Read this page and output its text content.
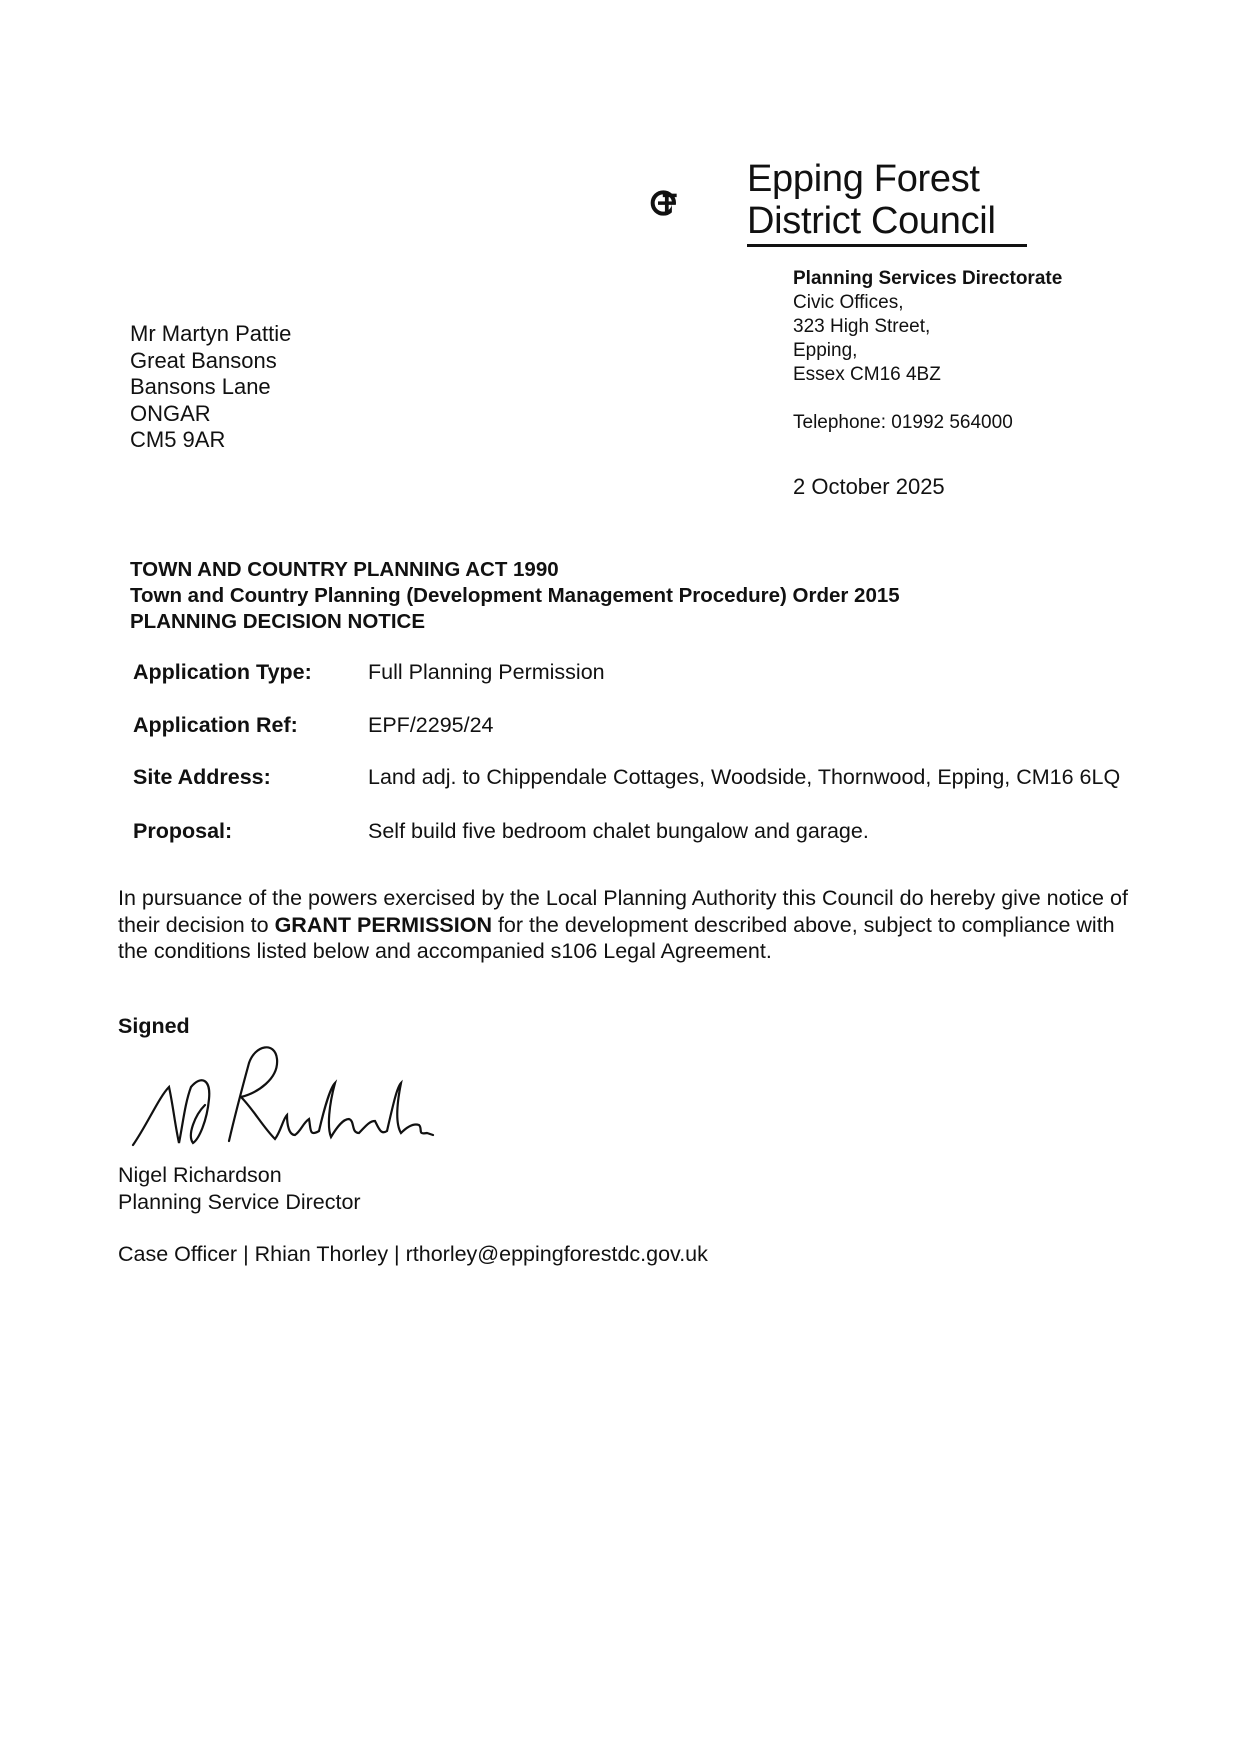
Epping Forest
District Council
Planning Services Directorate
Civic Offices,
323 High Street,
Epping,
Essex CM16 4BZ
Telephone: 01992 564000
2 October 2025
Mr Martyn Pattie
Great Bansons
Bansons Lane
ONGAR
CM5 9AR
TOWN AND COUNTRY PLANNING ACT 1990
Town and Country Planning (Development Management Procedure) Order 2015
PLANNING DECISION NOTICE
Application Type:	Full Planning Permission
Application Ref:	EPF/2295/24
Site Address:	Land adj. to Chippendale Cottages, Woodside, Thornwood, Epping, CM16 6LQ
Proposal:	Self build five bedroom chalet bungalow and garage.
In pursuance of the powers exercised by the Local Planning Authority this Council do hereby give notice of their decision to GRANT PERMISSION for the development described above, subject to compliance with the conditions listed below and accompanied s106 Legal Agreement.
Signed
Nigel Richardson
Planning Service Director
Case Officer | Rhian Thorley | rthorley@eppingforestdc.gov.uk
